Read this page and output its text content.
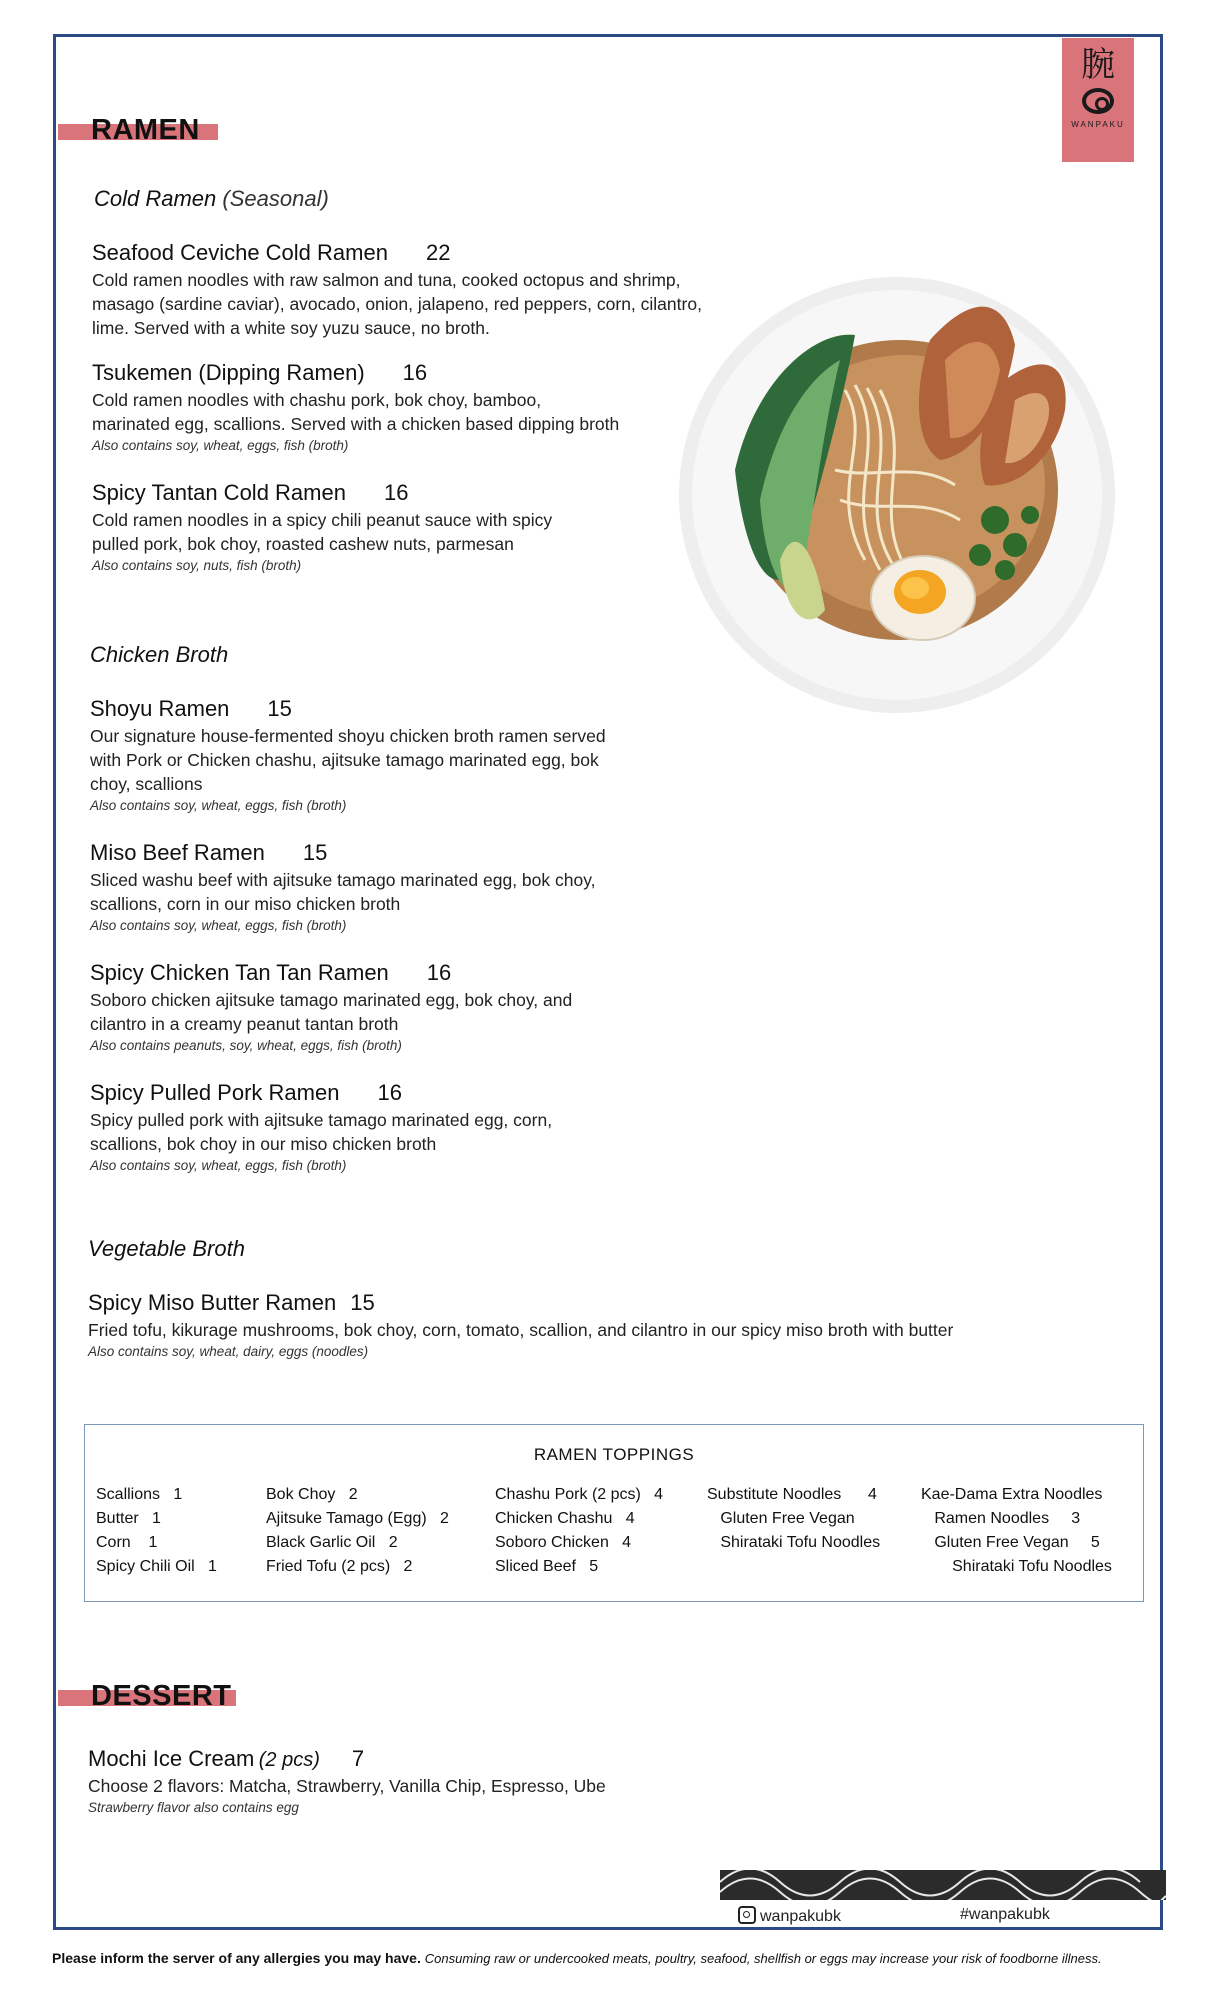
腕
WANPAKU
RAMEN
Cold Ramen (Seasonal)
Seafood Ceviche Cold Ramen 22
Cold ramen noodles with raw salmon and tuna, cooked octopus and shrimp,
masago (sardine caviar), avocado, onion, jalapeno, red peppers, corn, cilantro,
lime. Served with a white soy yuzu sauce, no broth.
Tsukemen (Dipping Ramen) 16
Cold ramen noodles with chashu pork, bok choy, bamboo,
marinated egg, scallions. Served with a chicken based dipping broth
Also contains soy, wheat, eggs, fish (broth)
Spicy Tantan Cold Ramen 16
Cold ramen noodles in a spicy chili peanut sauce with spicy
pulled pork, bok choy, roasted cashew nuts, parmesan
Also contains soy, nuts, fish (broth)
Chicken Broth
Shoyu Ramen 15
Our signature house-fermented shoyu chicken broth ramen served
with Pork or Chicken chashu, ajitsuke tamago marinated egg, bok
choy, scallions
Also contains soy, wheat, eggs, fish (broth)
Miso Beef Ramen 15
Sliced washu beef with ajitsuke tamago marinated egg, bok choy,
scallions, corn in our miso chicken broth
Also contains soy, wheat, eggs, fish (broth)
Spicy Chicken Tan Tan Ramen 16
Soboro chicken ajitsuke tamago marinated egg, bok choy, and
cilantro in a creamy peanut tantan broth
Also contains peanuts, soy, wheat, eggs, fish (broth)
Spicy Pulled Pork Ramen 16
Spicy pulled pork with ajitsuke tamago marinated egg, corn,
scallions, bok choy in our miso chicken broth
Also contains soy, wheat, eggs, fish (broth)
Vegetable Broth
Spicy Miso Butter Ramen 15
Fried tofu, kikurage mushrooms, bok choy, corn, tomato, scallion, and cilantro in our spicy miso broth with butter
Also contains soy, wheat, dairy, eggs (noodles)
RAMEN TOPPINGS
Scallions   1
Butter   1
Corn    1
Spicy Chili Oil   1
Bok Choy   2
Ajitsuke Tamago (Egg)   2
Black Garlic Oil   2
Fried Tofu (2 pcs)   2
Chashu Pork (2 pcs)   4
Chicken Chashu   4
Soboro Chicken   4
Sliced Beef   5
Substitute Noodles      4
Gluten Free Vegan
Shirataki Tofu Noodles
Kae-Dama Extra Noodles
Ramen Noodles     3
Gluten Free Vegan     5
Shirataki Tofu Noodles
DESSERT
Mochi Ice Cream (2 pcs) 7
Choose 2 flavors: Matcha, Strawberry, Vanilla Chip, Espresso, Ube
Strawberry flavor also contains egg
wanpakubk	#wanpakubk
Please inform the server of any allergies you may have. Consuming raw or undercooked meats, poultry, seafood, shellfish or eggs may increase your risk of foodborne illness.
